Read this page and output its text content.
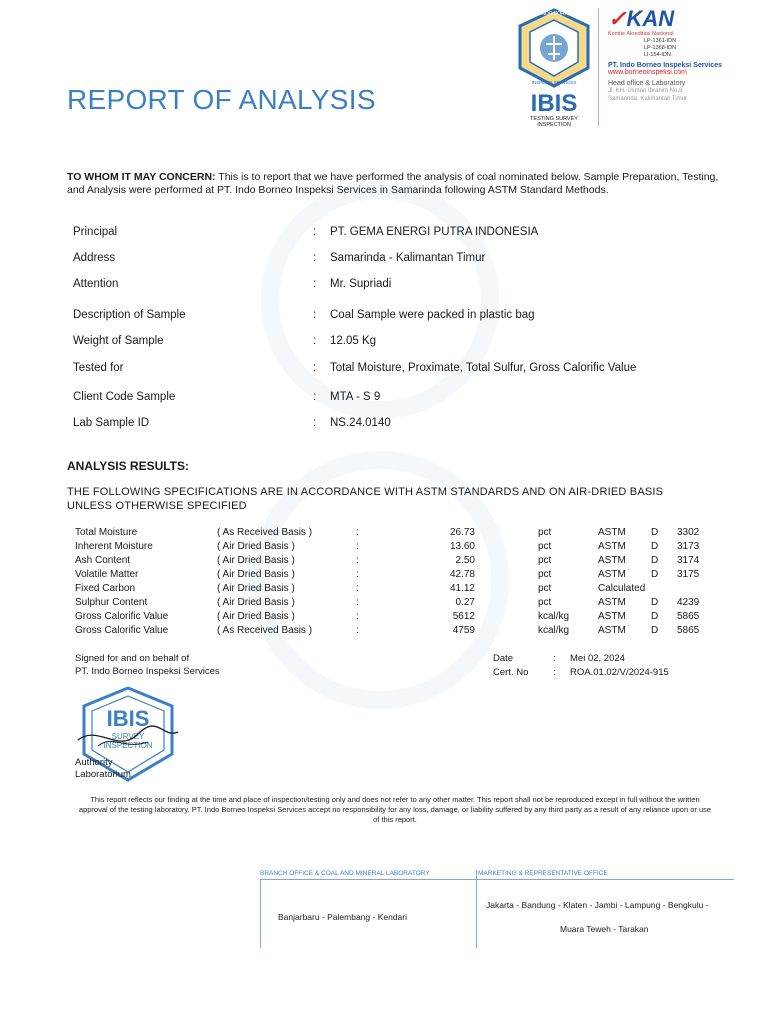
REPORT OF ANALYSIS
PT INDO BORNEO
INSPEKSI SERVICES
IBIS
TESTING SURVEY
INSPECTION
✓KAN
Komite Akreditasi Nasional
LP-1361-IDN
LP-1368-IDN
LI-154-IDN
PT. Indo Borneo Inspeksi Services
www.borneoinspeksi.com
Head office & Laboratory
Jl. KH. Usman Ibrahim No.8
Samarinda, Kalimantan Timur
TO WHOM IT MAY CONCERN: This is to report that we have performed the analysis of coal nominated below. Sample Preparation, Testing, and Analysis were performed at PT. Indo Borneo Inspeksi Services in Samarinda following ASTM Standard Methods.
Principal	:	PT. GEMA ENERGI PUTRA INDONESIA
Address	:	Samarinda - Kalimantan Timur
Attention	:	Mr. Supriadi
Description of Sample	:	Coal Sample were packed in plastic bag
Weight of Sample	:	12.05 Kg
Tested for	:	Total Moisture, Proximate, Total Sulfur, Gross Calorific Value
Client Code Sample	:	MTA - S 9
Lab Sample ID	:	NS.24.0140
ANALYSIS RESULTS:
THE FOLLOWING SPECIFICATIONS ARE IN ACCORDANCE WITH ASTM STANDARDS AND ON AIR-DRIED BASIS UNLESS OTHERWISE SPECIFIED
Total Moisture	( As Received Basis )	:	26.73	pct	ASTM	D 3302
Inherent Moisture	( Air Dried Basis )	:	13.60	pct	ASTM	D 3173
Ash Content	( Air Dried Basis )	:	2.50	pct	ASTM	D 3174
Volatile Matter	( Air Dried Basis )	:	42.78	pct	ASTM	D 3175
Fixed Carbon	( Air Dried Basis )	:	41.12	pct	Calculated
Sulphur Content	( Air Dried Basis )	:	0.27	pct	ASTM	D 4239
Gross Calorific Value	( Air Dried Basis )	:	5612	kcal/kg	ASTM	D 5865
Gross Calorific Value	( As Received Basis )	:	4759	kcal/kg	ASTM	D 5865
Signed for and on behalf of
PT. Indo Borneo Inspeksi Services
Date	: Mei 02, 2024
Cert. No	: ROA.01.02/V/2024-915
IBIS
SURVEY
INSPECTION
Authority
Laboratorium
This report reflects our finding at the time and place of inspection/testing only and does not refer to any other matter. This report shall not be reproduced except in full without the written approval of the testing laboratory. PT. Indo Borneo Inspeksi Services accept no responsibility for any loss, damage, or liability suffered by any third party as a result of any reliance upon or use of this report.
BRANCH OFFICE & COAL AND MINERAL LABORATORY
Banjarbaru - Palembang - Kendari
MARKETING & REPRESENTATIVE OFFICE
Jakarta - Bandung - Klaten - Jambi - Lampung - Bengkulu -
Muara Teweh - Tarakan
